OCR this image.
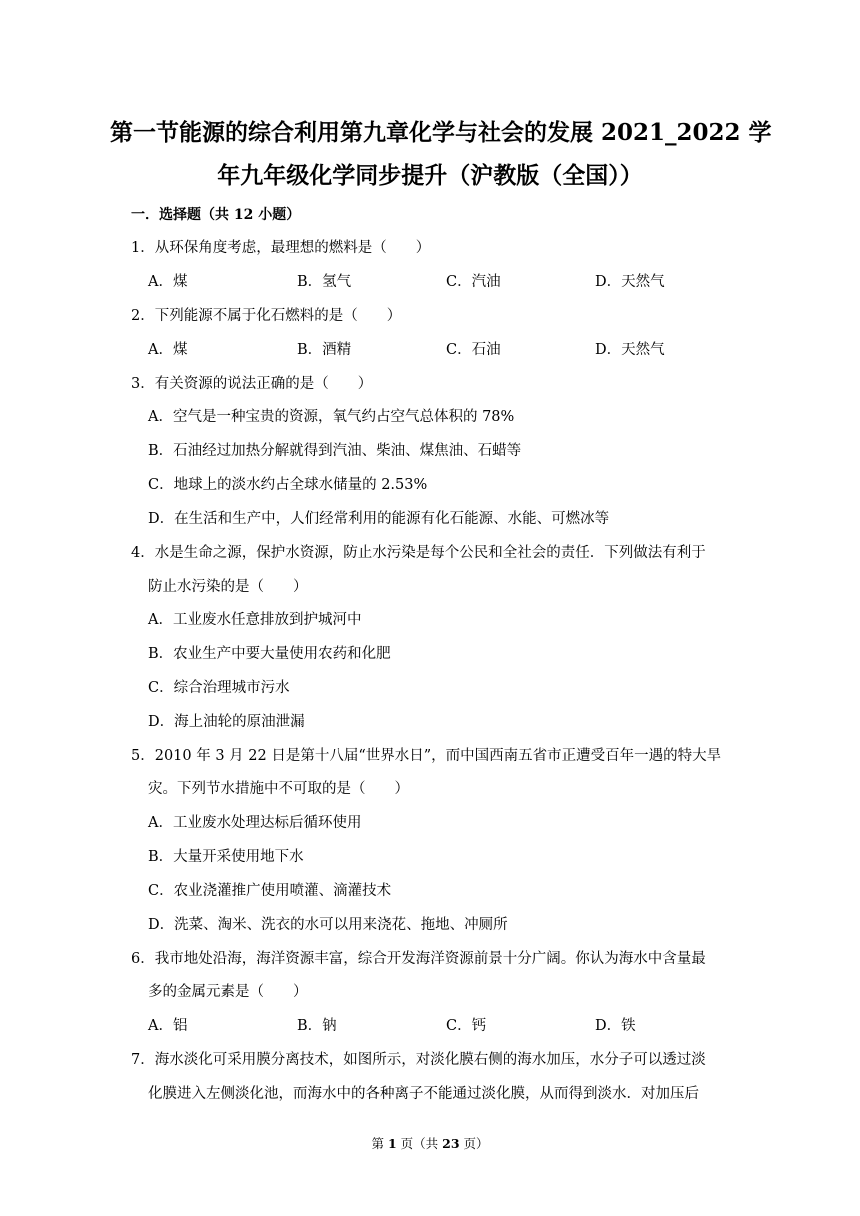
第一节能源的综合利用第九章化学与社会的发展 2021_2022 学
年九年级化学同步提升（沪教版（全国））
一．选择题（共 12 小题）
1．从环保角度考虑，最理想的燃料是（　　）
A．煤	B．氢气	C．汽油	D．天然气
2．下列能源不属于化石燃料的是（　　）
A．煤	B．酒精	C．石油	D．天然气
3．有关资源的说法正确的是（　　）
A．空气是一种宝贵的资源，氧气约占空气总体积的 78%
B．石油经过加热分解就得到汽油、柴油、煤焦油、石蜡等
C．地球上的淡水约占全球水储量的 2.53%
D．在生活和生产中，人们经常利用的能源有化石能源、水能、可燃冰等
4．水是生命之源，保护水资源，防止水污染是每个公民和全社会的责任．下列做法有利于
防止水污染的是（　　）
A．工业废水任意排放到护城河中
B．农业生产中要大量使用农药和化肥
C．综合治理城市污水
D．海上油轮的原油泄漏
5．2010 年 3 月 22 日是第十八届“世界水日”，而中国西南五省市正遭受百年一遇的特大旱
灾。下列节水措施中不可取的是（　　）
A．工业废水处理达标后循环使用
B．大量开采使用地下水
C．农业浇灌推广使用喷灌、滴灌技术
D．洗菜、淘米、洗衣的水可以用来浇花、拖地、冲厕所
6．我市地处沿海，海洋资源丰富，综合开发海洋资源前景十分广阔。你认为海水中含量最
多的金属元素是（　　）
A．铝	B．钠	C．钙	D．铁
7．海水淡化可采用膜分离技术，如图所示，对淡化膜右侧的海水加压，水分子可以透过淡
化膜进入左侧淡化池，而海水中的各种离子不能通过淡化膜，从而得到淡水．对加压后
第 1 页（共 23 页）
